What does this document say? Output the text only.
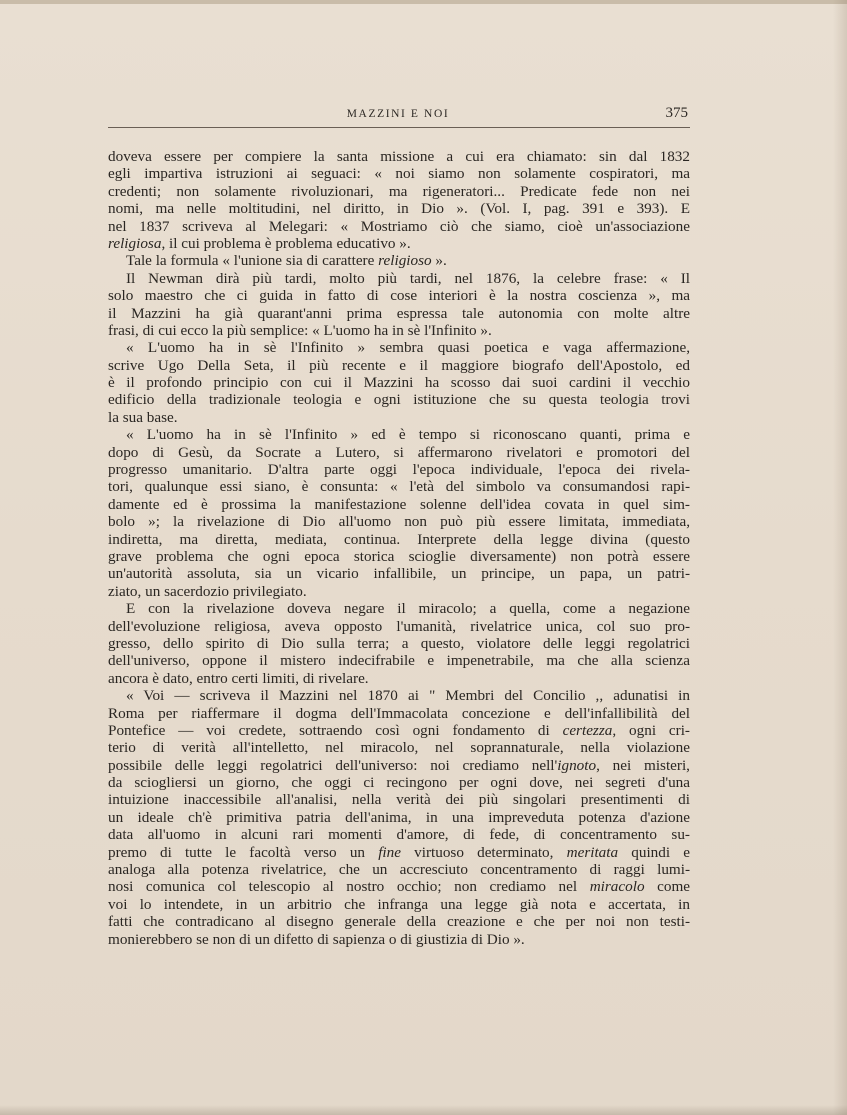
MAZZINI E NOI	375
doveva essere per compiere la santa missione a cui era chiamato: sin dal 1832
egli impartiva istruzioni ai seguaci: « noi siamo non solamente cospiratori, ma
credenti; non solamente rivoluzionari, ma rigeneratori... Predicate fede non nei
nomi, ma nelle moltitudini, nel diritto, in Dio ». (Vol. I, pag. 391 e 393). E
nel 1837 scriveva al Melegari: « Mostriamo ciò che siamo, cioè un'associazione
religiosa, il cui problema è problema educativo ».
Tale la formula « l'unione sia di carattere religioso ».
Il Newman dirà più tardi, molto più tardi, nel 1876, la celebre frase: « Il
solo maestro che ci guida in fatto di cose interiori è la nostra coscienza », ma
il Mazzini ha già quarant'anni prima espressa tale autonomia con molte altre
frasi, di cui ecco la più semplice: « L'uomo ha in sè l'Infinito ».
« L'uomo ha in sè l'Infinito » sembra quasi poetica e vaga affermazione,
scrive Ugo Della Seta, il più recente e il maggiore biografo dell'Apostolo, ed
è il profondo principio con cui il Mazzini ha scosso dai suoi cardini il vecchio
edificio della tradizionale teologia e ogni istituzione che su questa teologia trovi
la sua base.
« L'uomo ha in sè l'Infinito » ed è tempo si riconoscano quanti, prima e
dopo di Gesù, da Socrate a Lutero, si affermarono rivelatori e promotori del
progresso umanitario. D'altra parte oggi l'epoca individuale, l'epoca dei rivela-
tori, qualunque essi siano, è consunta: « l'età del simbolo va consumandosi rapi-
damente ed è prossima la manifestazione solenne dell'idea covata in quel sim-
bolo »; la rivelazione di Dio all'uomo non può più essere limitata, immediata,
indiretta, ma diretta, mediata, continua. Interprete della legge divina (questo
grave problema che ogni epoca storica scioglie diversamente) non potrà essere
un'autorità assoluta, sia un vicario infallibile, un principe, un papa, un patri-
ziato, un sacerdozio privilegiato.
E con la rivelazione doveva negare il miracolo; a quella, come a negazione
dell'evoluzione religiosa, aveva opposto l'umanità, rivelatrice unica, col suo pro-
gresso, dello spirito di Dio sulla terra; a questo, violatore delle leggi regolatrici
dell'universo, oppone il mistero indecifrabile e impenetrabile, ma che alla scienza
ancora è dato, entro certi limiti, di rivelare.
« Voi — scriveva il Mazzini nel 1870 ai " Membri del Concilio ,, adunatisi in
Roma per riaffermare il dogma dell'Immacolata concezione e dell'infallibilità del
Pontefice — voi credete, sottraendo così ogni fondamento di certezza, ogni cri-
terio di verità all'intelletto, nel miracolo, nel soprannaturale, nella violazione
possibile delle leggi regolatrici dell'universo: noi crediamo nell'ignoto, nei misteri,
da sciogliersi un giorno, che oggi ci recingono per ogni dove, nei segreti d'una
intuizione inaccessibile all'analisi, nella verità dei più singolari presentimenti di
un ideale ch'è primitiva patria dell'anima, in una impreveduta potenza d'azione
data all'uomo in alcuni rari momenti d'amore, di fede, di concentramento su-
premo di tutte le facoltà verso un fine virtuoso determinato, meritata quindi e
analoga alla potenza rivelatrice, che un accresciuto concentramento di raggi lumi-
nosi comunica col telescopio al nostro occhio; non crediamo nel miracolo come
voi lo intendete, in un arbitrio che infranga una legge già nota e accertata, in
fatti che contradicano al disegno generale della creazione e che per noi non testi-
monierebbero se non di un difetto di sapienza o di giustizia di Dio ».
